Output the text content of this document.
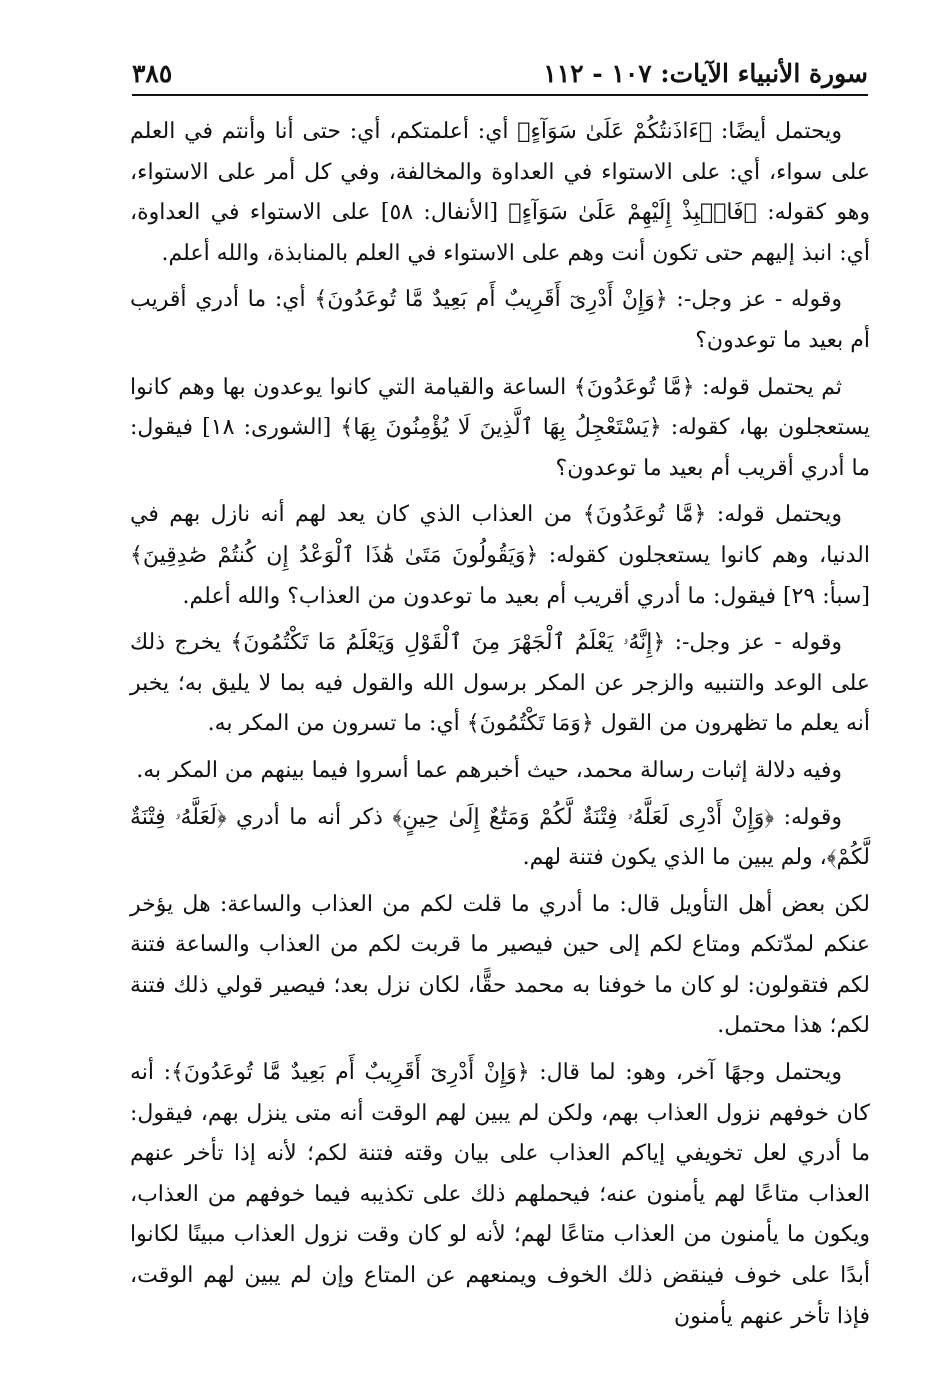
٣٨٥	سورة الأنبياء الآيات: ١٠٧ - ١١٢

ويحتمل أيضًا: ﴿ءَاذَنتُكُمْ عَلَىٰ سَوَآءٍ﴾ أي: أعلمتكم، أي: حتى أنا وأنتم في العلم على سواء، أي: على الاستواء في العداوة والمخالفة، وفي كل أمر على الاستواء، وهو كقوله: ﴿فَانۢبِذْ إِلَيْهِمْ عَلَىٰ سَوَآءٍ﴾ [الأنفال: ٥٨] على الاستواء في العداوة، أي: انبذ إليهم حتى تكون أنت وهم على الاستواء في العلم بالمنابذة، والله أعلم.

وقوله - عز وجل-: ﴿وَإِنْ أَدْرِىٓ أَقَرِيبٌ أَم بَعِيدٌ مَّا تُوعَدُونَ﴾ أي: ما أدري أقريب أم بعيد ما توعدون؟

ثم يحتمل قوله: ﴿مَّا تُوعَدُونَ﴾ الساعة والقيامة التي كانوا يوعدون بها وهم كانوا يستعجلون بها، كقوله: ﴿يَسْتَعْجِلُ بِهَا ٱلَّذِينَ لَا يُؤْمِنُونَ بِهَا﴾ [الشورى: ١٨] فيقول: ما أدري أقريب أم بعيد ما توعدون؟

ويحتمل قوله: ﴿مَّا تُوعَدُونَ﴾ من العذاب الذي كان يعد لهم أنه نازل بهم في الدنيا، وهم كانوا يستعجلون كقوله: ﴿وَيَقُولُونَ مَتَىٰ هَٰذَا ٱلْوَعْدُ إِن كُنتُمْ صَٰدِقِينَ﴾ [سبأ: ٢٩] فيقول: ما أدري أقريب أم بعيد ما توعدون من العذاب؟ والله أعلم.

وقوله - عز وجل-: ﴿إِنَّهُۥ يَعْلَمُ ٱلْجَهْرَ مِنَ ٱلْقَوْلِ وَيَعْلَمُ مَا تَكْتُمُونَ﴾ يخرج ذلك على الوعد والتنبيه والزجر عن المكر برسول الله والقول فيه بما لا يليق به؛ يخبر أنه يعلم ما تظهرون من القول ﴿وَمَا تَكْتُمُونَ﴾ أي: ما تسرون من المكر به.

وفيه دلالة إثبات رسالة محمد، حيث أخبرهم عما أسروا فيما بينهم من المكر به.

وقوله: ﴿وَإِنْ أَدْرِى لَعَلَّهُۥ فِتْنَةٌ لَّكُمْ وَمَتَٰعٌ إِلَىٰ حِينٍ﴾ ذكر أنه ما أدري ﴿لَعَلَّهُۥ فِتْنَةٌ لَّكُمْ﴾، ولم يبين ما الذي يكون فتنة لهم.

لكن بعض أهل التأويل قال: ما أدري ما قلت لكم من العذاب والساعة: هل يؤخر عنكم لمدّتكم ومتاع لكم إلى حين فيصير ما قربت لكم من العذاب والساعة فتنة لكم فتقولون: لو كان ما خوفنا به محمد حقًّا، لكان نزل بعد؛ فيصير قولي ذلك فتنة لكم؛ هذا محتمل.

ويحتمل وجهًا آخر، وهو: لما قال: ﴿وَإِنْ أَدْرِىٓ أَقَرِيبٌ أَم بَعِيدٌ مَّا تُوعَدُونَ﴾: أنه كان خوفهم نزول العذاب بهم، ولكن لم يبين لهم الوقت أنه متى ينزل بهم، فيقول: ما أدري لعل تخويفي إياكم العذاب على بيان وقته فتنة لكم؛ لأنه إذا تأخر عنهم العذاب متاعًا لهم يأمنون عنه؛ فيحملهم ذلك على تكذيبه فيما خوفهم من العذاب، ويكون ما يأمنون من العذاب متاعًا لهم؛ لأنه لو كان وقت نزول العذاب مبينًا لكانوا أبدًا على خوف فينقض ذلك الخوف ويمنعهم عن المتاع وإن لم يبين لهم الوقت، فإذا تأخر عنهم يأمنون
